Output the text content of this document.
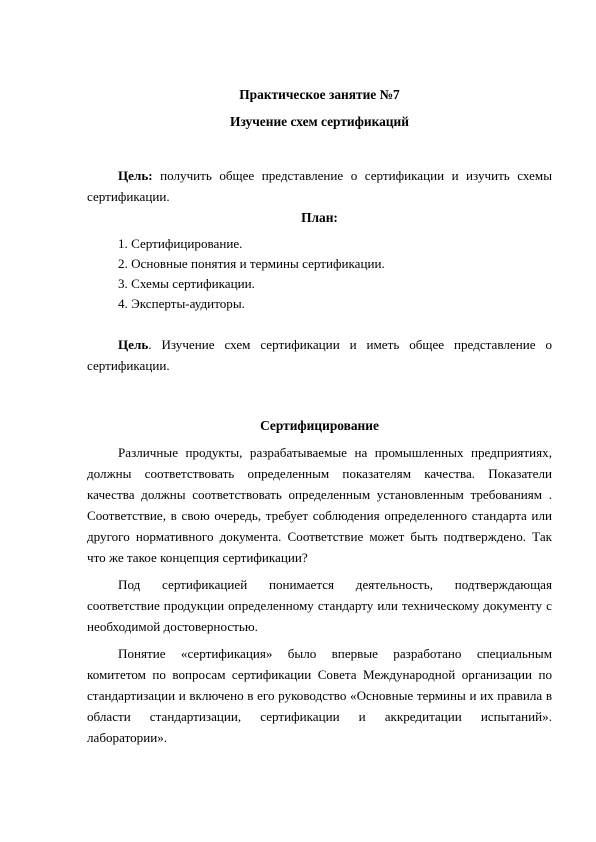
Практическое занятие №7
Изучение схем сертификаций

Цель: получить общее представление о сертификации и изучить схемы сертификации.

План:
1. Сертифицирование.
2. Основные понятия и термины сертификации.
3. Схемы сертификации.
4. Эксперты-аудиторы.

Цель. Изучение схем сертификации и иметь общее представление о сертификации.

Сертифицирование

Различные продукты, разрабатываемые на промышленных предприятиях, должны соответствовать определенным показателям качества. Показатели качества должны соответствовать определенным установленным требованиям . Соответствие, в свою очередь, требует соблюдения определенного стандарта или другого нормативного документа. Соответствие может быть подтверждено. Так что же такое концепция сертификации?

Под сертификацией понимается деятельность, подтверждающая соответствие продукции определенному стандарту или техническому документу с необходимой достоверностью.

Понятие «сертификация» было впервые разработано специальным комитетом по вопросам сертификации Совета Международной организации по стандартизации и включено в его руководство «Основные термины и их правила в области стандартизации, сертификации и аккредитации испытаний». лаборатории».
